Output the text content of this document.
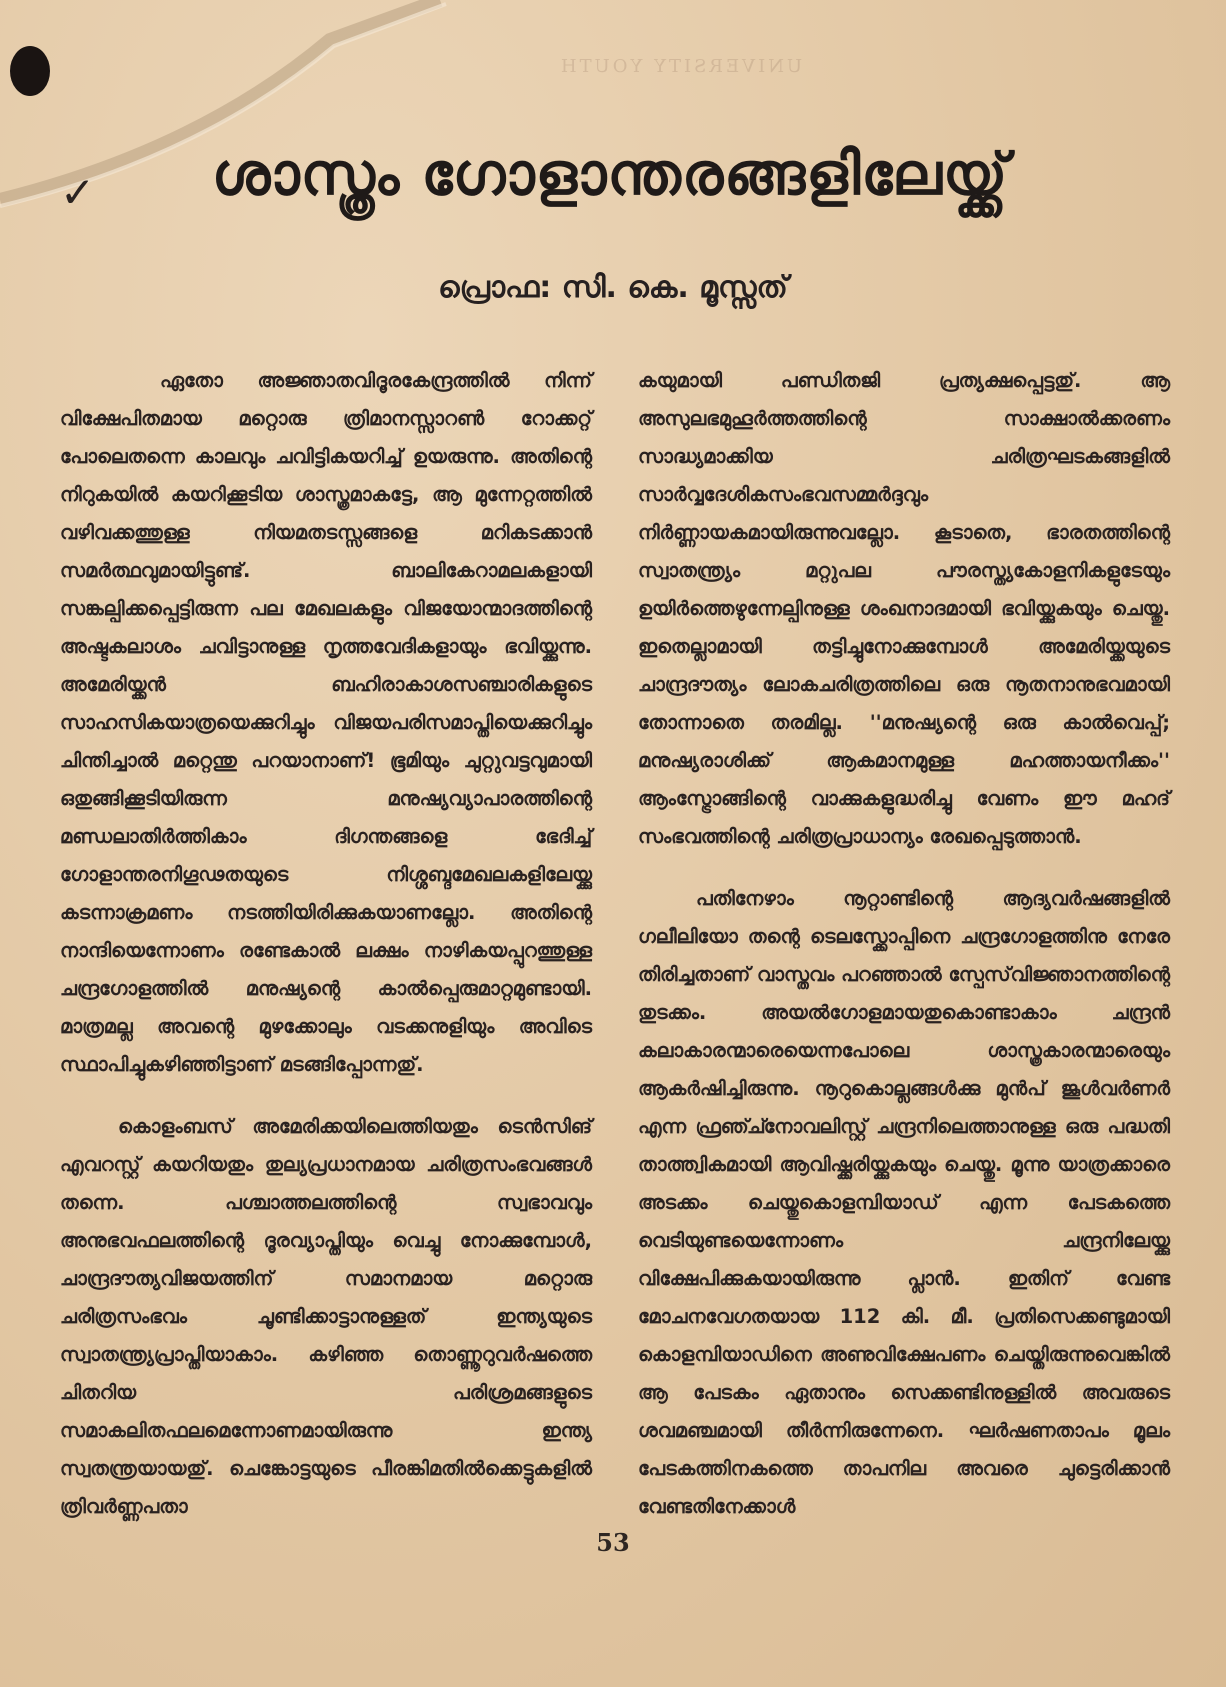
UNIVERSITY YOUTH
✓	ശാസ്ത്രം ഗോളാന്തരങ്ങളിലേയ്ക്ക്
പ്രൊഫ: സി. കെ. മൂസ്സത്

ഏതോ അജ്ഞാതവിദൂരകേന്ദ്രത്തിൽ നിന്ന് വിക്ഷേപിതമായ മറ്റൊരു ത്രിമാനസ്സാറൺ റോക്കറ്റ് പോലെതന്നെ കാലവും ചവിട്ടികയറിച്ച് ഉയരുന്നു. അതിന്റെ നിറുകയിൽ കയറിക്കൂടിയ ശാസ്ത്രമാകട്ടേ, ആ മുന്നേറ്റത്തിൽ വഴിവക്കത്തുള്ള നിയമതടസ്സങ്ങളെ മറികടക്കാൻ സമർത്ഥവുമായിട്ടുണ്ട്. ബാലികേറാമലകളായി സങ്കല്പിക്കപ്പെട്ടിരുന്ന പല മേഖലകളും വിജയോന്മാദത്തിന്റെ അഷ്ടകലാശം ചവിട്ടാനുള്ള നൃത്തവേദികളായും ഭവിയ്ക്കുന്നു. അമേരിയ്ക്കൻ ബഹിരാകാശസഞ്ചാരികളുടെ സാഹസികയാത്രയെക്കുറിച്ചും വിജയപരിസമാപ്തിയെക്കുറിച്ചും ചിന്തിച്ചാൽ മറ്റെന്തു പറയാനാണ്! ഭൂമിയും ചുറ്റുവട്ടവുമായി ഒതുങ്ങിക്കൂടിയിരുന്ന മനുഷ്യവ്യാപാരത്തിന്റെ മണ്ഡലാതിർത്തികാം ദിഗന്തങ്ങളെ ഭേദിച്ച് ഗോളാന്തരനിഗൂഢതയുടെ നിശ്ശബ്ദമേഖലകളിലേയ്ക്കു കടന്നാക്രമണം നടത്തിയിരിക്കുകയാണല്ലോ. അതിന്റെ നാന്ദിയെന്നോണം രണ്ടേകാൽ ലക്ഷം നാഴികയപ്പുറത്തുള്ള ചന്ദ്രഗോളത്തിൽ മനുഷ്യന്റെ കാൽപ്പെരുമാറ്റമുണ്ടായി. മാത്രമല്ല അവന്റെ മുഴക്കോലും വടക്കനുളിയും അവിടെ സ്ഥാപിച്ചുകഴിഞ്ഞിട്ടാണ് മടങ്ങിപ്പോന്നതു്.

കൊളംബസ് അമേരിക്കയിലെത്തിയതും ടെൻസിങ് എവറസ്റ്റ് കയറിയതും തുല്യപ്രധാനമായ ചരിത്രസംഭവങ്ങൾ തന്നെ. പശ്ചാത്തലത്തിന്റെ സ്വഭാവവും അനുഭവഫലത്തിന്റെ ദൂരവ്യാപ്തിയും വെച്ചു നോക്കുമ്പോൾ, ചാന്ദ്രദൗത്യവിജയത്തിന് സമാനമായ മറ്റൊരു ചരിത്രസംഭവം ചൂണ്ടിക്കാട്ടാനുള്ളത് ഇന്ത്യയുടെ സ്വാതന്ത്ര്യപ്രാപ്തിയാകാം. കഴിഞ്ഞ തൊണ്ണൂറുവർഷത്തെ ചിതറിയ പരിശ്രമങ്ങളുടെ സമാകലിതഫലമെന്നോണമായിരുന്നു ഇന്ത്യ സ്വതന്ത്രയായതു്. ചെങ്കോട്ടയുടെ പീരങ്കിമതിൽക്കെട്ടുകളിൽ ത്രിവർണ്ണപതാ

കയുമായി പണ്ഡിതജി പ്രത്യക്ഷപ്പെട്ടതു്. ആ അസുലഭമുഹൂർത്തത്തിന്റെ സാക്ഷാൽക്കരണം സാദ്ധ്യമാക്കിയ ചരിത്രഘടകങ്ങളിൽ സാർവ്വദേശികസംഭവസമ്മർദ്ദവും നിർണ്ണായകമായിരുന്നുവല്ലോ. കൂടാതെ, ഭാരതത്തിന്റെ സ്വാതന്ത്ര്യം മറ്റുപല പൗരസ്ത്യകോളനികളുടേയും ഉയിർത്തെഴുന്നേല്പിനുള്ള ശംഖനാദമായി ഭവിയ്ക്കുകയും ചെയ്തു. ഇതെല്ലാമായി തട്ടിച്ചുനോക്കുമ്പോൾ അമേരിയ്ക്കയുടെ ചാന്ദ്രദൗത്യം ലോകചരിത്രത്തിലെ ഒരു നൂതനാനുഭവമായി തോന്നാതെ തരമില്ല. ''മനുഷ്യന്റെ ഒരു കാൽവെപ്പ്; മനുഷ്യരാശിക്ക് ആകമാനമുള്ള മഹത്തായനീക്കം'' ആംസ്ട്രോങ്ങിന്റെ വാക്കുകളുദ്ധരിച്ചു വേണം ഈ മഹദ് സംഭവത്തിന്റെ ചരിത്രപ്രാധാന്യം രേഖപ്പെടുത്താൻ.

പതിനേഴാം നൂറ്റാണ്ടിന്റെ ആദ്യവർഷങ്ങളിൽ ഗലീലിയോ തന്റെ ടെലസ്ക്കോപ്പിനെ ചന്ദ്രഗോളത്തിനു നേരേ തിരിച്ചതാണ് വാസ്തവം പറഞ്ഞാൽ സ്പേസ്‌വിജ്ഞാനത്തിന്റെ തുടക്കം. അയൽഗോളമായതുകൊണ്ടാകാം ചന്ദ്രൻ കലാകാരന്മാരെയെന്നപോലെ ശാസ്ത്രകാരന്മാരെയും ആകർഷിച്ചിരുന്നു. നൂറുകൊല്ലങ്ങൾക്കു മുൻപ് ജൂൾവർണർ എന്ന ഫ്രഞ്ച്നോവലിസ്റ്റ് ചന്ദ്രനിലെത്താനുള്ള ഒരു പദ്ധതി താത്ത്വികമായി ആവിഷ്ക്കരിയ്ക്കുകയും ചെയ്തു. മൂന്നു യാത്രക്കാരെ അടക്കം ചെയ്തുകൊളമ്പിയാഡ് എന്ന പേടകത്തെ വെടിയുണ്ടയെന്നോണം ചന്ദ്രനിലേയ്ക്കു വിക്ഷേപിക്കുകയായിരുന്നു പ്ലാൻ. ഇതിന് വേണ്ട മോചനവേഗതയായ 112 കി. മീ. പ്രതിസെക്കണ്ടുമായി കൊളമ്പിയാഡിനെ അണുവിക്ഷേപണം ചെയ്തിരുന്നുവെങ്കിൽ ആ പേടകം ഏതാനും സെക്കണ്ടിനുള്ളിൽ അവരുടെ ശവമഞ്ചമായി തീർന്നിരുന്നേനെ. ഘർഷണതാപം മൂലം പേടകത്തിനകത്തെ താപനില അവരെ ചുട്ടെരിക്കാൻ വേണ്ടതിനേക്കാൾ

53
